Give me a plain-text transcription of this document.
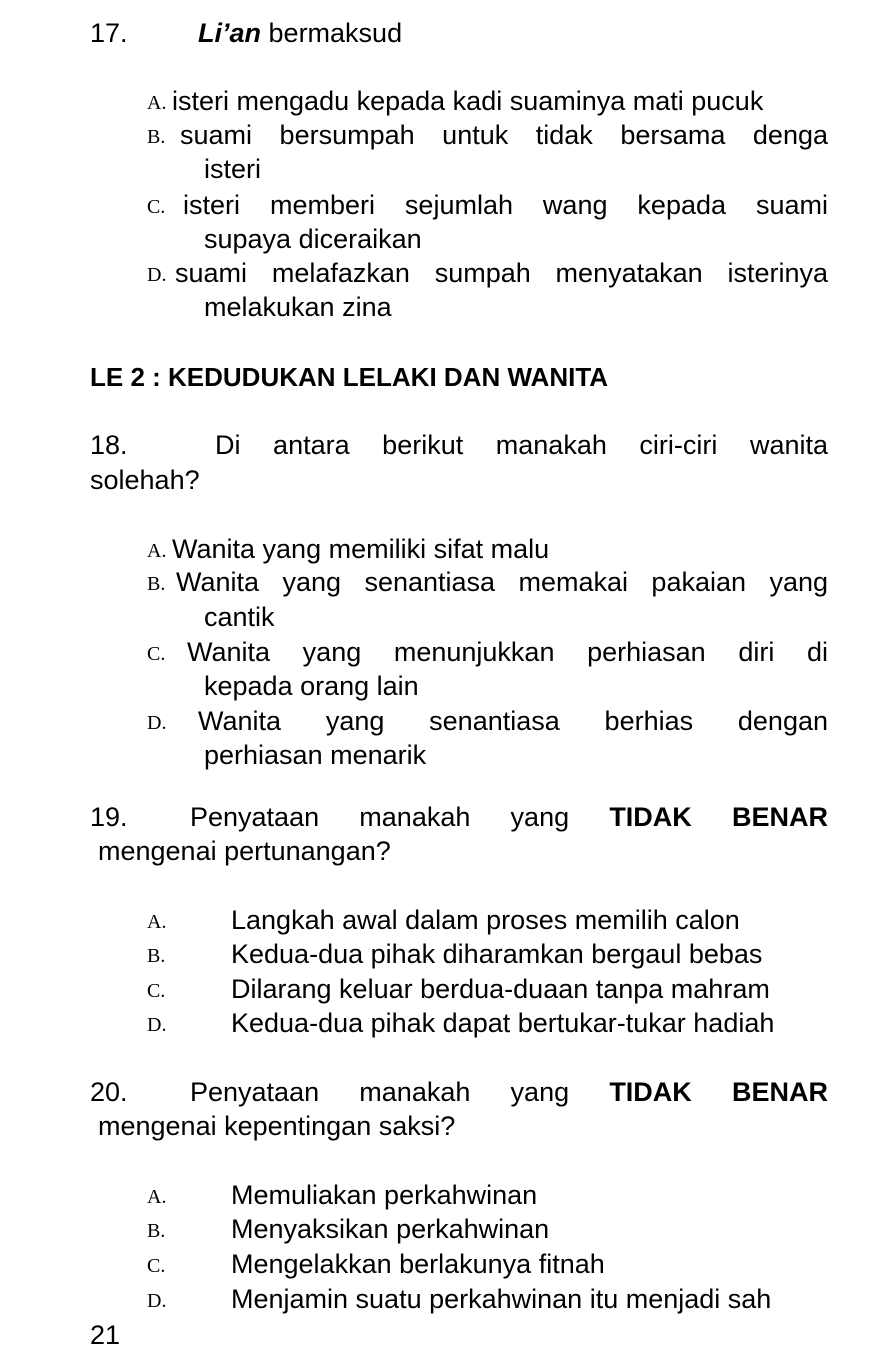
17.	Li’an bermaksud
A. isteri mengadu kepada kadi suaminya mati pucuk
B. suami bersumpah untuk tidak bersama denga
isteri
C. isteri memberi sejumlah wang kepada suami
supaya diceraikan
D. suami melafazkan sumpah menyatakan isterinya
melakukan zina
LE 2 : KEDUDUKAN LELAKI DAN WANITA
18.	Di antara berikut manakah ciri-ciri wanita
solehah?
A. Wanita yang memiliki sifat malu
B. Wanita yang senantiasa memakai pakaian yang
cantik
C. Wanita yang menunjukkan perhiasan diri di
kepada orang lain
D. Wanita yang senantiasa berhias dengan
perhiasan menarik
19. Penyataan manakah yang TIDAK BENAR
mengenai pertunangan?
A. Langkah awal dalam proses memilih calon
B. Kedua-dua pihak diharamkan bergaul bebas
C. Dilarang keluar berdua-duaan tanpa mahram
D. Kedua-dua pihak dapat bertukar-tukar hadiah
20. Penyataan manakah yang TIDAK BENAR
mengenai kepentingan saksi?
A. Memuliakan perkahwinan
B. Menyaksikan perkahwinan
C. Mengelakkan berlakunya fitnah
D. Menjamin suatu perkahwinan itu menjadi sah
21
